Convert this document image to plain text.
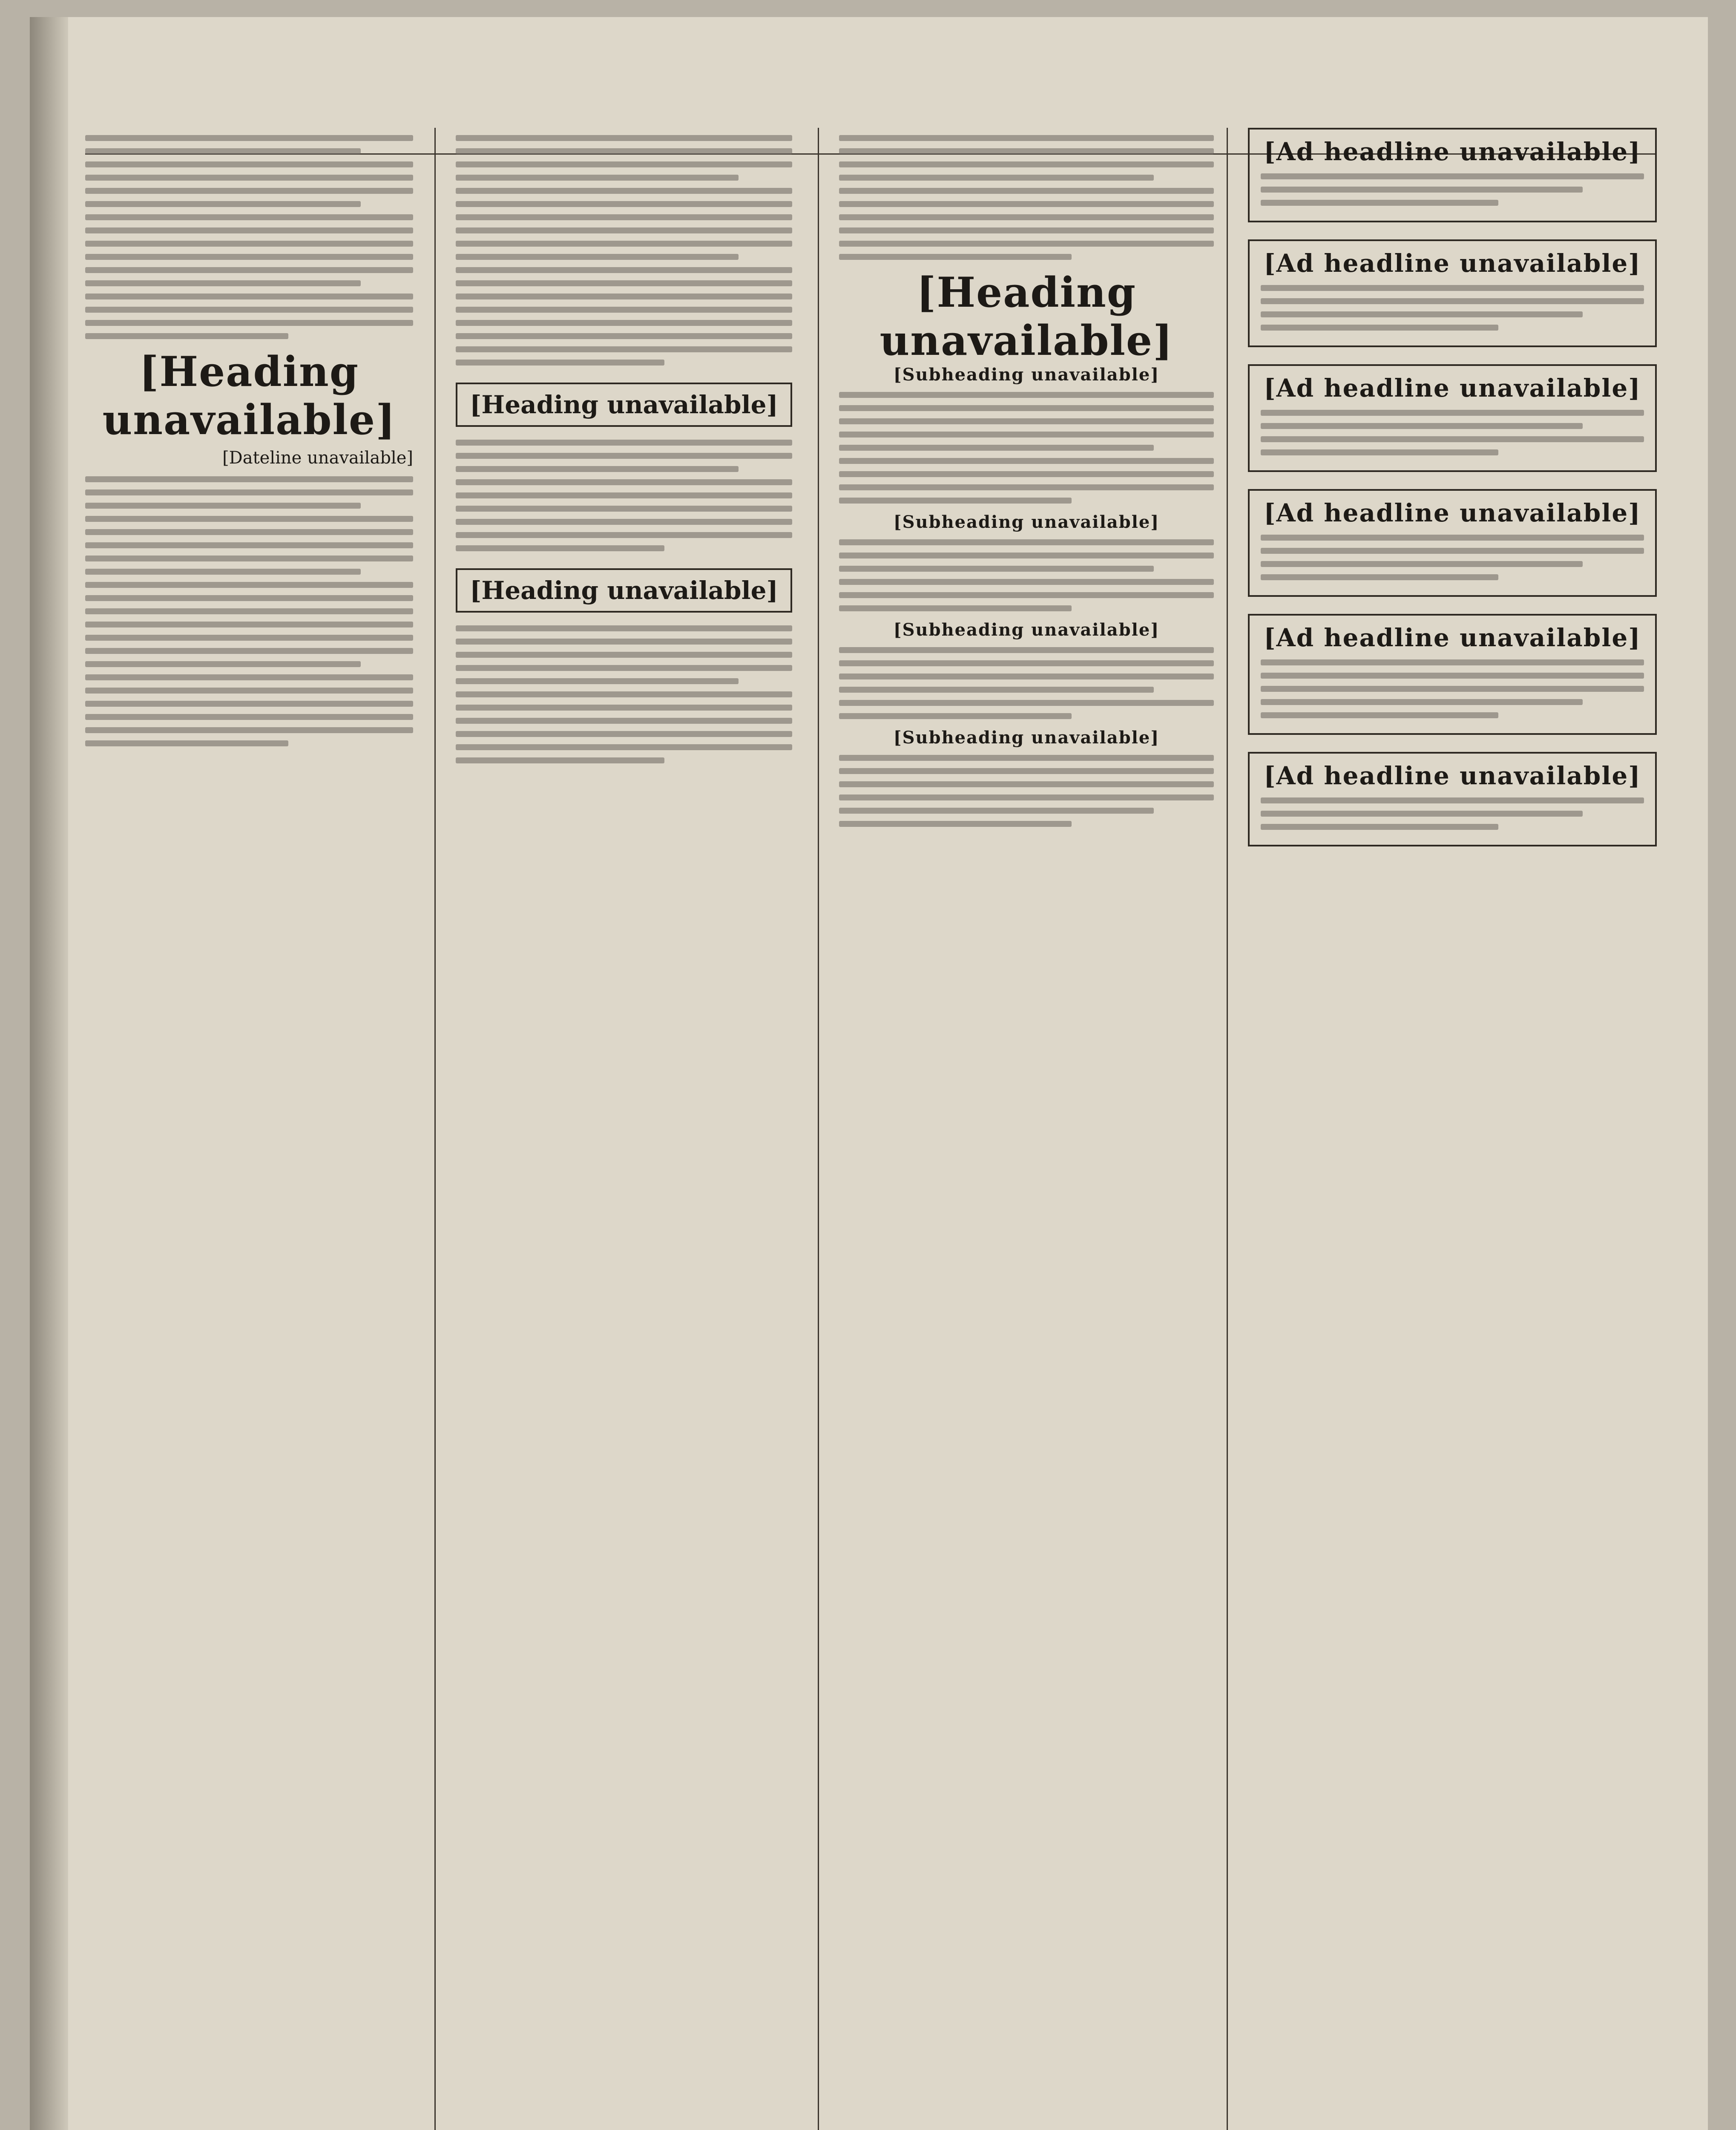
[Heading unavailable]
[Dateline unavailable]
[Heading unavailable]
[Heading unavailable]
[Heading unavailable]
[Subheading unavailable]
[Subheading unavailable]
[Subheading unavailable]
[Subheading unavailable]
[Ad headline unavailable]
[Ad headline unavailable]
[Ad headline unavailable]
[Ad headline unavailable]
[Ad headline unavailable]
[Ad headline unavailable]
